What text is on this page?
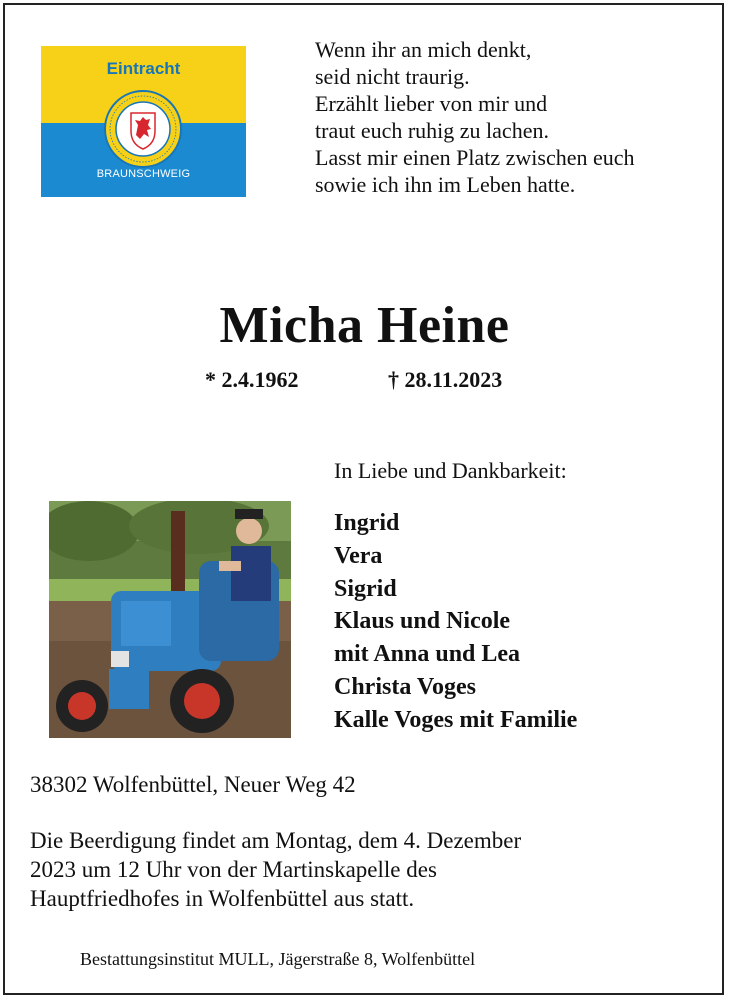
Eintracht
BRAUNSCHWEIG
Wenn ihr an mich denkt,
seid nicht traurig.
Erzählt lieber von mir und
traut euch ruhig zu lachen.
Lasst mir einen Platz zwischen euch
sowie ich ihn im Leben hatte.
Micha Heine
* 2.4.1962	† 28.11.2023
In Liebe und Dankbarkeit:
Ingrid
Vera
Sigrid
Klaus und Nicole
mit Anna und Lea
Christa Voges
Kalle Voges mit Familie
38302 Wolfenbüttel, Neuer Weg 42
Die Beerdigung findet am Montag, dem 4. Dezember
2023 um 12 Uhr von der Martinskapelle des
Hauptfriedhofes in Wolfenbüttel aus statt.
Bestattungsinstitut MULL, Jägerstraße 8, Wolfenbüttel
